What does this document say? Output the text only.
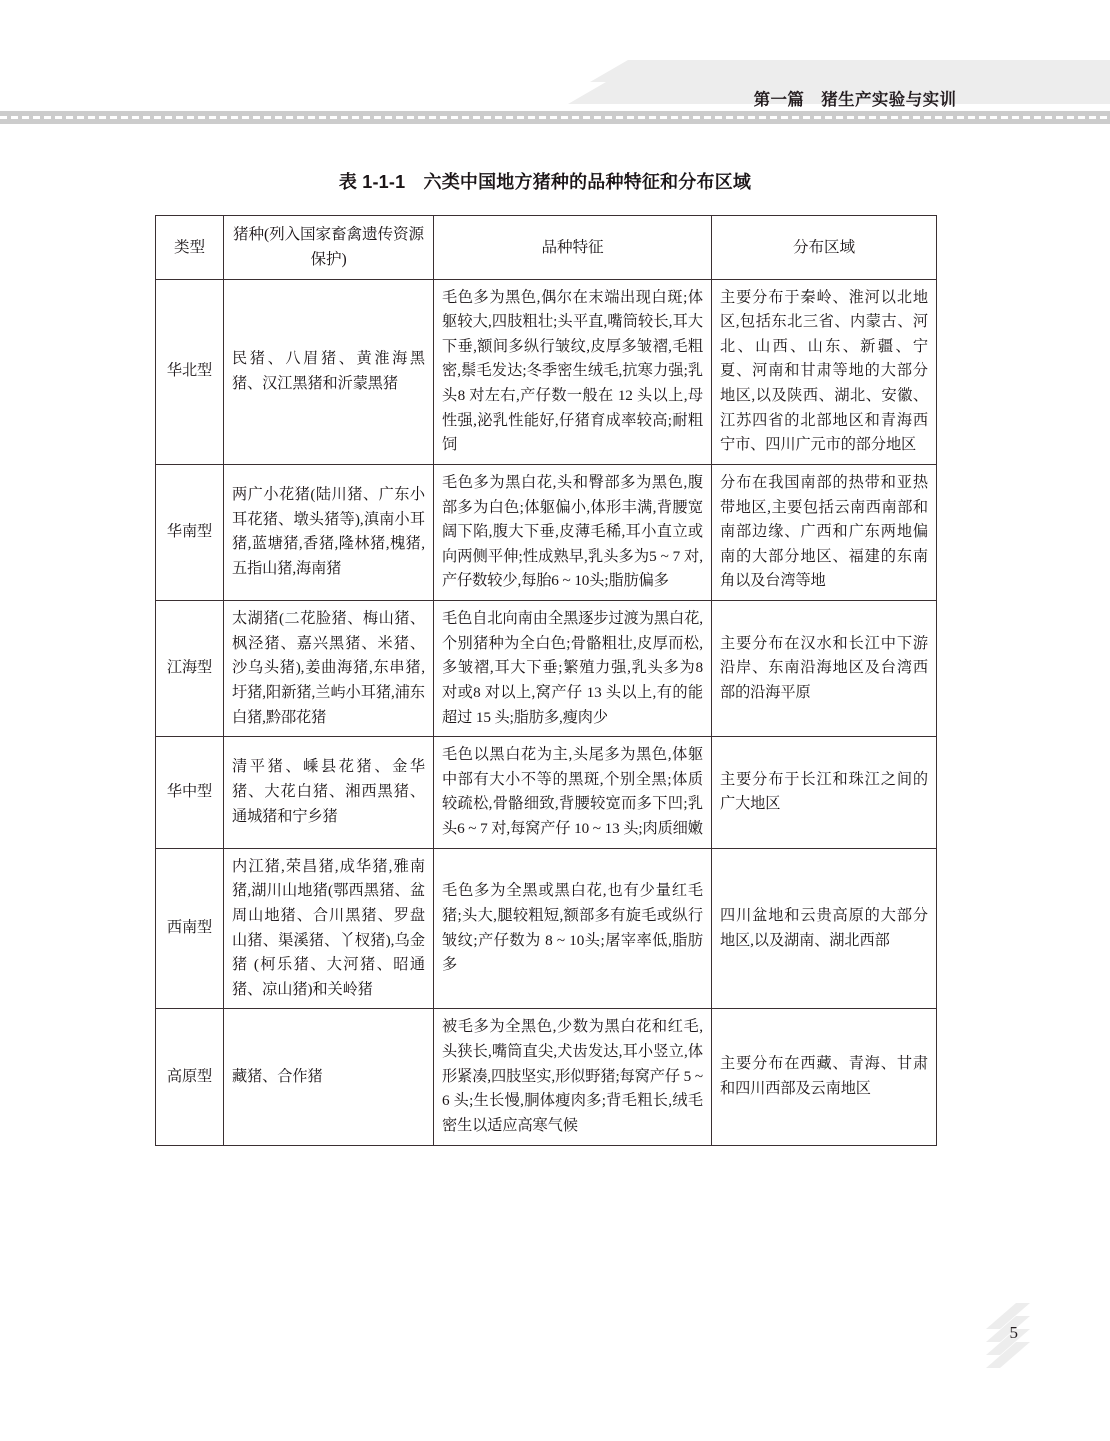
第一篇　猪生产实验与实训
表 1-1-1　六类中国地方猪种的品种特征和分布区域
类型	猪种(列入国家畜禽遗传资源保护)	品种特征	分布区域
华北型	民猪、八眉猪、黄淮海黑猪、汉江黑猪和沂蒙黑猪	毛色多为黑色,偶尔在末端出现白斑;体躯较大,四肢粗壮;头平直,嘴筒较长,耳大下垂,额间多纵行皱纹,皮厚多皱褶,毛粗密,鬃毛发达;冬季密生绒毛,抗寒力强;乳头8 对左右,产仔数一般在 12 头以上,母性强,泌乳性能好,仔猪育成率较高;耐粗饲	主要分布于秦岭、淮河以北地区,包括东北三省、内蒙古、河北、山西、山东、新疆、宁夏、河南和甘肃等地的大部分地区,以及陕西、湖北、安徽、江苏四省的北部地区和青海西宁市、四川广元市的部分地区
华南型	两广小花猪(陆川猪、广东小耳花猪、墩头猪等),滇南小耳猪,蓝塘猪,香猪,隆林猪,槐猪,五指山猪,海南猪	毛色多为黑白花,头和臀部多为黑色,腹部多为白色;体躯偏小,体形丰满,背腰宽阔下陷,腹大下垂,皮薄毛稀,耳小直立或向两侧平伸;性成熟早,乳头多为5 ~ 7 对,产仔数较少,每胎6 ~ 10头;脂肪偏多	分布在我国南部的热带和亚热带地区,主要包括云南西南部和南部边缘、广西和广东两地偏南的大部分地区、福建的东南角以及台湾等地
江海型	太湖猪(二花脸猪、梅山猪、枫泾猪、嘉兴黑猪、米猪、沙乌头猪),姜曲海猪,东串猪,圩猪,阳新猪,兰屿小耳猪,浦东白猪,黔邵花猪	毛色自北向南由全黑逐步过渡为黑白花,个别猪种为全白色;骨骼粗壮,皮厚而松,多皱褶,耳大下垂;繁殖力强,乳头多为8 对或8 对以上,窝产仔 13 头以上,有的能超过 15 头;脂肪多,瘦肉少	主要分布在汉水和长江中下游沿岸、东南沿海地区及台湾西部的沿海平原
华中型	清平猪、嵊县花猪、金华猪、大花白猪、湘西黑猪、通城猪和宁乡猪	毛色以黑白花为主,头尾多为黑色,体躯中部有大小不等的黑斑,个别全黑;体质较疏松,骨骼细致,背腰较宽而多下凹;乳头6 ~ 7 对,每窝产仔 10 ~ 13 头;肉质细嫩	主要分布于长江和珠江之间的广大地区
西南型	内江猪,荣昌猪,成华猪,雅南猪,湖川山地猪(鄂西黑猪、盆周山地猪、合川黑猪、罗盘山猪、渠溪猪、丫杈猪),乌金猪 (柯乐猪、大河猪、昭通猪、凉山猪)和关岭猪	毛色多为全黑或黑白花,也有少量红毛猪;头大,腿较粗短,额部多有旋毛或纵行皱纹;产仔数为 8 ~ 10头;屠宰率低,脂肪多	四川盆地和云贵高原的大部分地区,以及湖南、湖北西部
高原型	藏猪、合作猪	被毛多为全黑色,少数为黑白花和红毛,头狭长,嘴筒直尖,犬齿发达,耳小竖立,体形紧凑,四肢坚实,形似野猪;每窝产仔 5 ~ 6 头;生长慢,胴体瘦肉多;背毛粗长,绒毛密生以适应高寒气候	主要分布在西藏、青海、甘肃和四川西部及云南地区
5
